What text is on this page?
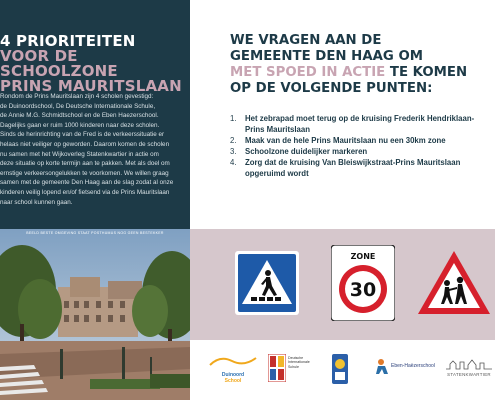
4 PRIORITEITEN
VOOR DE SCHOOLZONE
PRINS MAURITSLAAN
Rondom de Prins Mauritslaan zijn 4 scholen gevestigd:
de Duinoordschool, De Deutsche Internationale Schule,
de Annie M.G. Schmidtschool en de Eben Haezerschool.
Dagelijks gaan er ruim 1000 kinderen naar deze scholen.
Sinds de herinrichting van de Fred is de verkeerssituatie er
helaas niet veiliger op geworden. Daarom komen de scholen
nu samen met het Wijkoverleg Statenkwartier in actie om
deze situatie op korte termijn aan te pakken. Met als doel om
ernstige verkeersongelukken te voorkomen. We willen graag
samen met de gemeente Den Haag aan de slag zodat al onze
kinderen veilig lopend en/of fietsend via de Prins Mauritslaan
naar school kunnen gaan.
BEELD BESTE OMGEVING STAAT POSTHUMUS NOG GEEN BESTEKKER
WE VRAGEN AAN DE
GEMEENTE DEN HAAG OM
MET SPOED IN ACTIE TE KOMEN
OP DE VOLGENDE PUNTEN:
1. Het zebrapad moet terug op de kruising Frederik Hendriklaan-Prins Mauritslaan
2. Maak van de hele Prins Mauritslaan nu een 30km zone
3. Schoolzone duidelijker markeren
4. Zorg dat de kruising Van Bleiswijkstraat-Prins Mauritslaan opgeruimd wordt
ZONE
30
Duinoord
School
Deutsche
Internationale
Schule	Eben-Haëzerschool
STATENKWARTIER
